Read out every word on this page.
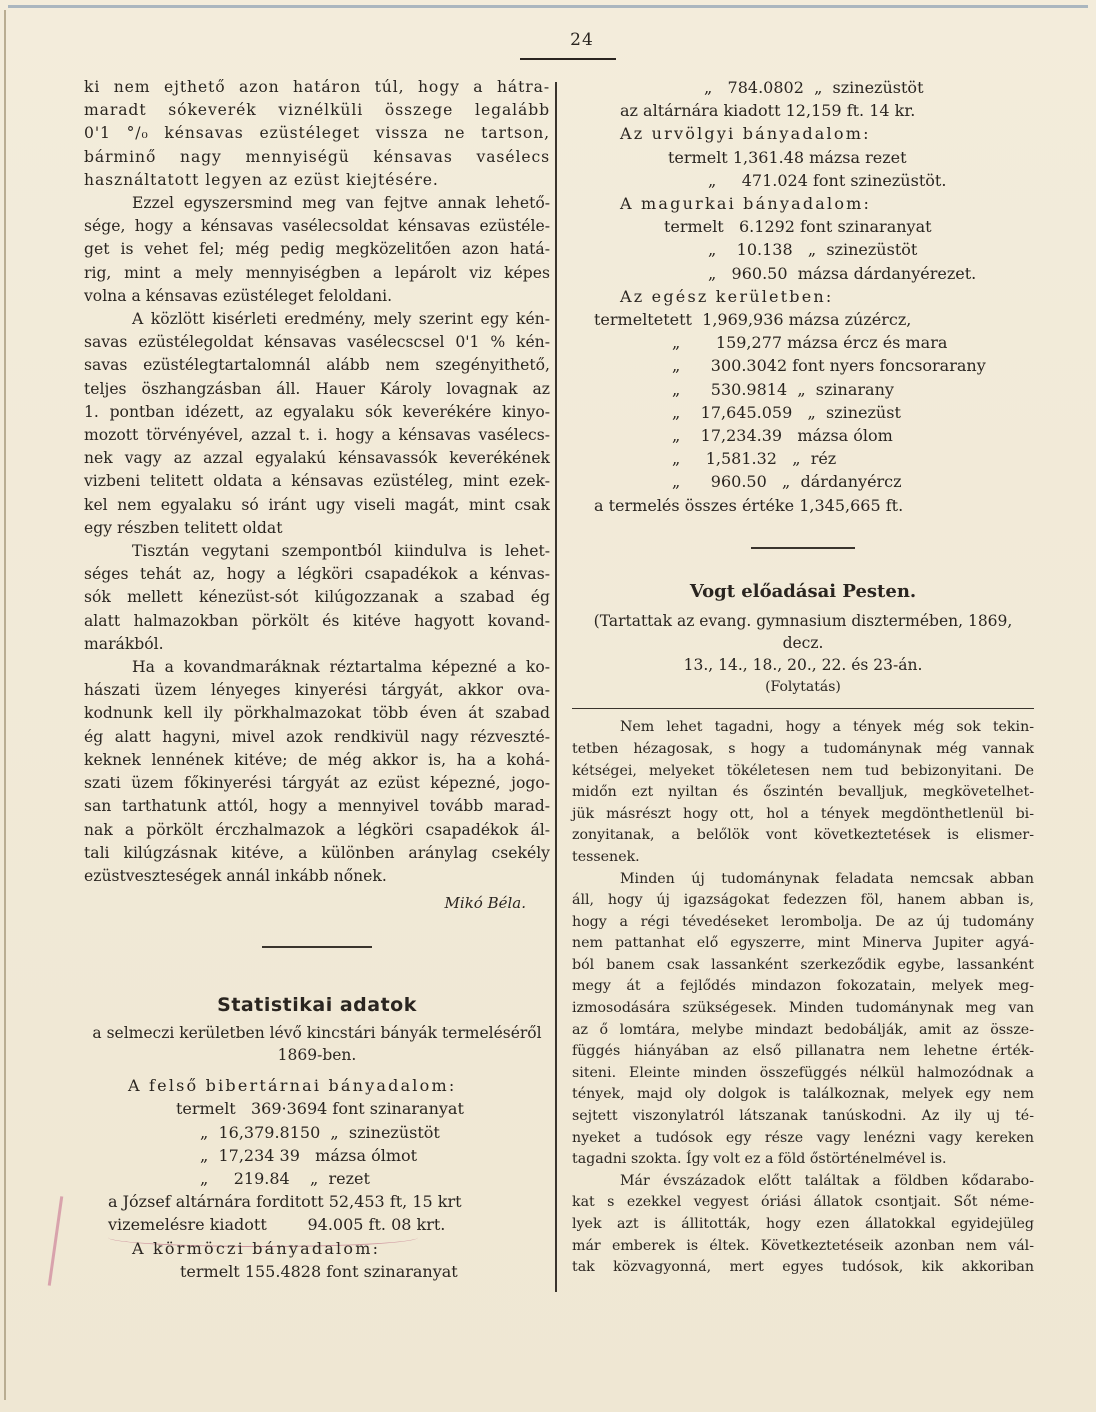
24

ki nem ejthető azon határon túl, hogy a hátra-

maradt sókeverék viznélküli összege legalább

0'1 °/₀ kénsavas ezüstéleget vissza ne tartson,

bárminő nagy mennyiségü kénsavas vasélecs

használtatott legyen az ezüst kiejtésére.

Ezzel egyszersmind meg van fejtve annak lehető-

sége, hogy a kénsavas vasélecsoldat kénsavas ezüstéle-

get is vehet fel; még pedig megközelitően azon hatá-

rig, mint a mely mennyiségben a lepárolt viz képes

volna a kénsavas ezüstéleget feloldani.

A közlött kisérleti eredmény, mely szerint egy kén-

savas ezüstélegoldat kénsavas vasélecscsel 0'1 % kén-

savas ezüstélegtartalomnál alább nem szegényithető,

teljes öszhangzásban áll. Hauer Károly lovagnak az

1. pontban idézett, az egyalaku sók keverékére kinyo-

mozott törvényével, azzal t. i. hogy a kénsavas vasélecs-

nek vagy az azzal egyalakú kénsavassók keverékének

vizbeni telitett oldata a kénsavas ezüstéleg, mint ezek-

kel nem egyalaku só iránt ugy viseli magát, mint csak

egy részben telitett oldat

Tisztán vegytani szempontból kiindulva is lehet-

séges tehát az, hogy a légköri csapadékok a kénvas-

sók mellett kénezüst-sót kilúgozzanak a szabad ég

alatt halmazokban pörkölt és kitéve hagyott kovand-

marákból.

Ha a kovandmaráknak réztartalma képezné a ko-

hászati üzem lényeges kinyerési tárgyát, akkor ova-

kodnunk kell ily pörkhalmazokat több éven át szabad

ég alatt hagyni, mivel azok rendkivül nagy rézveszté-

keknek lennének kitéve; de még akkor is, ha a kohá-

szati üzem főkinyerési tárgyát az ezüst képezné, jogo-

san tarthatunk attól, hogy a mennyivel tovább marad-

nak a pörkölt érczhalmazok a légköri csapadékok ál-

tali kilúgzásnak kitéve, a különben aránylag csekély

ezüstveszteségek annál inkább nőnek.

Mikó Béla.
Statistikai adatok
a selmeczi kerületben lévő kincstári bányák termeléséről
1869-ben.
A felső bibertárnai bányadalom:
termelt   369·3694 font szinaranyat
„  16,379.8150  „  szinezüstöt
„  17,234 39   mázsa ólmot
„     219.84    „  rezet
a József altárnára forditott 52,453 ft, 15 krt
vizemelésre kiadott        94.005 ft. 08 krt.
A körmöczi bányadalom:
termelt 155.4828 font szinaranyat
„   784.0802  „  szinezüstöt
az altárnára kiadott 12,159 ft. 14 kr.
Az urvölgyi bányadalom:
termelt 1,361.48 mázsa rezet
„     471.024 font szinezüstöt.
A magurkai bányadalom:
termelt   6.1292 font szinaranyat
„    10.138   „  szinezüstöt
„   960.50  mázsa dárdanyérezet.
Az egész kerületben:
termeltetett  1,969,936 mázsa zúzércz,
„       159,277 mázsa ércz és mara
„      300.3042 font nyers foncsorarany
„      530.9814  „  szinarany
„    17,645.059   „  szinezüst
„    17,234.39   mázsa ólom
„     1,581.32   „  réz
„      960.50   „  dárdanyércz
a termelés összes értéke 1,345,665 ft.
Vogt előadásai Pesten.
(Tartattak az evang. gymnasium disztermében, 1869, decz.
13., 14., 18., 20., 22. és 23-án.
(Folytatás)

Nem lehet tagadni, hogy a tények még sok tekin-

tetben hézagosak, s hogy a tudománynak még vannak

kétségei, melyeket tökéletesen nem tud bebizonyitani. De

midőn ezt nyiltan és őszintén bevalljuk, megkövetelhet-

jük másrészt hogy ott, hol a tények megdönthetlenül bi-

zonyitanak, a belőlök vont következtetések is elismer-

tessenek.

Minden új tudománynak feladata nemcsak abban

áll, hogy új igazságokat fedezzen föl, hanem abban is,

hogy a régi tévedéseket lerombolja. De az új tudomány

nem pattanhat elő egyszerre, mint Minerva Jupiter agyá-

ból banem csak lassanként szerkeződik egybe, lassanként

megy át a fejlődés mindazon fokozatain, melyek meg-

izmosodására szükségesek. Minden tudománynak meg van

az ő lomtára, melybe mindazt bedobálják, amit az össze-

függés hiányában az első pillanatra nem lehetne érték-

siteni. Eleinte minden összefüggés nélkül halmozódnak a

tények, majd oly dolgok is találkoznak, melyek egy nem

sejtett viszonylatról látszanak tanúskodni. Az ily uj té-

nyeket a tudósok egy része vagy lenézni vagy kereken

tagadni szokta. Így volt ez a föld őstörténelmével is.

Már évszázadok előtt találtak a földben kődarabo-

kat s ezekkel vegyest óriási állatok csontjait. Sőt néme-

lyek azt is állitották, hogy ezen állatokkal egyidejüleg

már emberek is éltek. Következtetéseik azonban nem vál-

tak közvagyonná, mert egyes tudósok, kik akkoriban
